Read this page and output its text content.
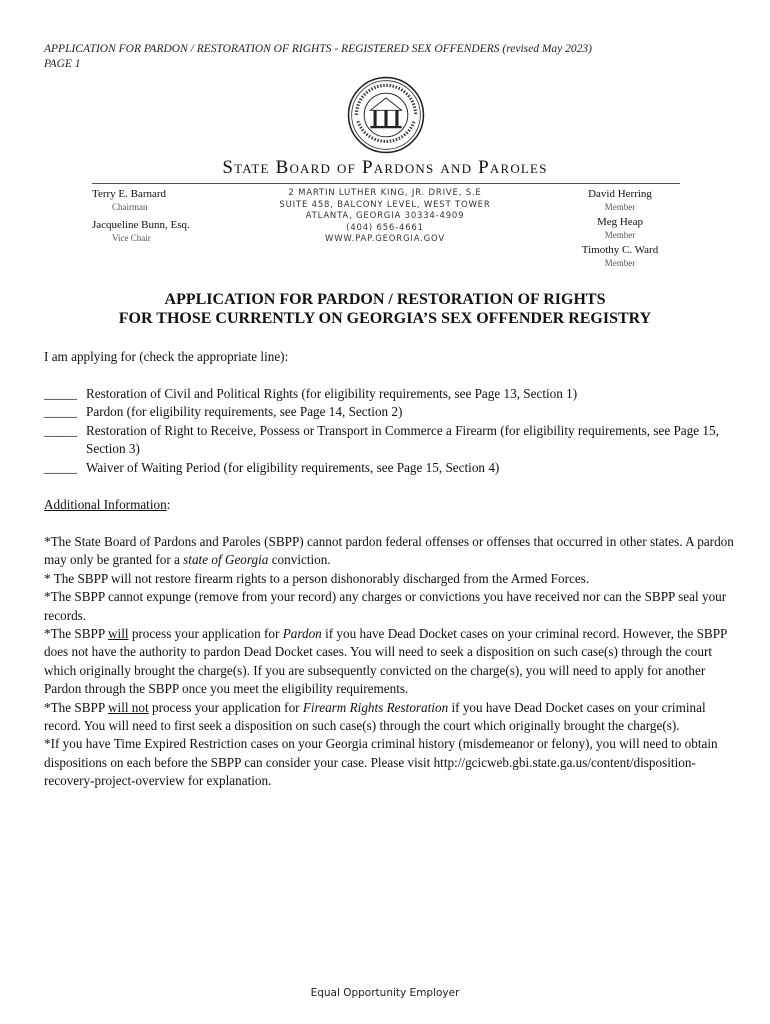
APPLICATION FOR PARDON / RESTORATION OF RIGHTS - REGISTERED SEX OFFENDERS (revised May 2023)
PAGE 1
State Board of Pardons and Paroles
Terry E. Barnard
Chairman
Jacqueline Bunn, Esq.
Vice Chair
2 MARTIN LUTHER KING, JR. DRIVE, S.E
SUITE 458, BALCONY LEVEL, WEST TOWER
ATLANTA, GEORGIA 30334-4909
(404) 656-4661
WWW.PAP.GEORGIA.GOV
David Herring
Member
Meg Heap
Member
Timothy C. Ward
Member
APPLICATION FOR PARDON / RESTORATION OF RIGHTS
FOR THOSE CURRENTLY ON GEORGIA’S SEX OFFENDER REGISTRY
I am applying for (check the appropriate line):
_____ Restoration of Civil and Political Rights (for eligibility requirements, see Page 13, Section 1)
_____ Pardon (for eligibility requirements, see Page 14, Section 2)
_____ Restoration of Right to Receive, Possess or Transport in Commerce a Firearm (for eligibility requirements, see Page 15, Section 3)
_____ Waiver of Waiting Period (for eligibility requirements, see Page 15, Section 4)
Additional Information:
*The State Board of Pardons and Paroles (SBPP) cannot pardon federal offenses or offenses that occurred in other states. A pardon may only be granted for a state of Georgia conviction.
* The SBPP will not restore firearm rights to a person dishonorably discharged from the Armed Forces.
*The SBPP cannot expunge (remove from your record) any charges or convictions you have received nor can the SBPP seal your records.
*The SBPP will process your application for Pardon if you have Dead Docket cases on your criminal record. However, the SBPP does not have the authority to pardon Dead Docket cases. You will need to seek a disposition on such case(s) through the court which originally brought the charge(s). If you are subsequently convicted on the charge(s), you will need to apply for another Pardon through the SBPP once you meet the eligibility requirements.
*The SBPP will not process your application for Firearm Rights Restoration if you have Dead Docket cases on your criminal record. You will need to first seek a disposition on such case(s) through the court which originally brought the charge(s).
*If you have Time Expired Restriction cases on your Georgia criminal history (misdemeanor or felony), you will need to obtain dispositions on each before the SBPP can consider your case. Please visit http://gcicweb.gbi.state.ga.us/content/disposition-recovery-project-overview for explanation.
Equal Opportunity Employer
